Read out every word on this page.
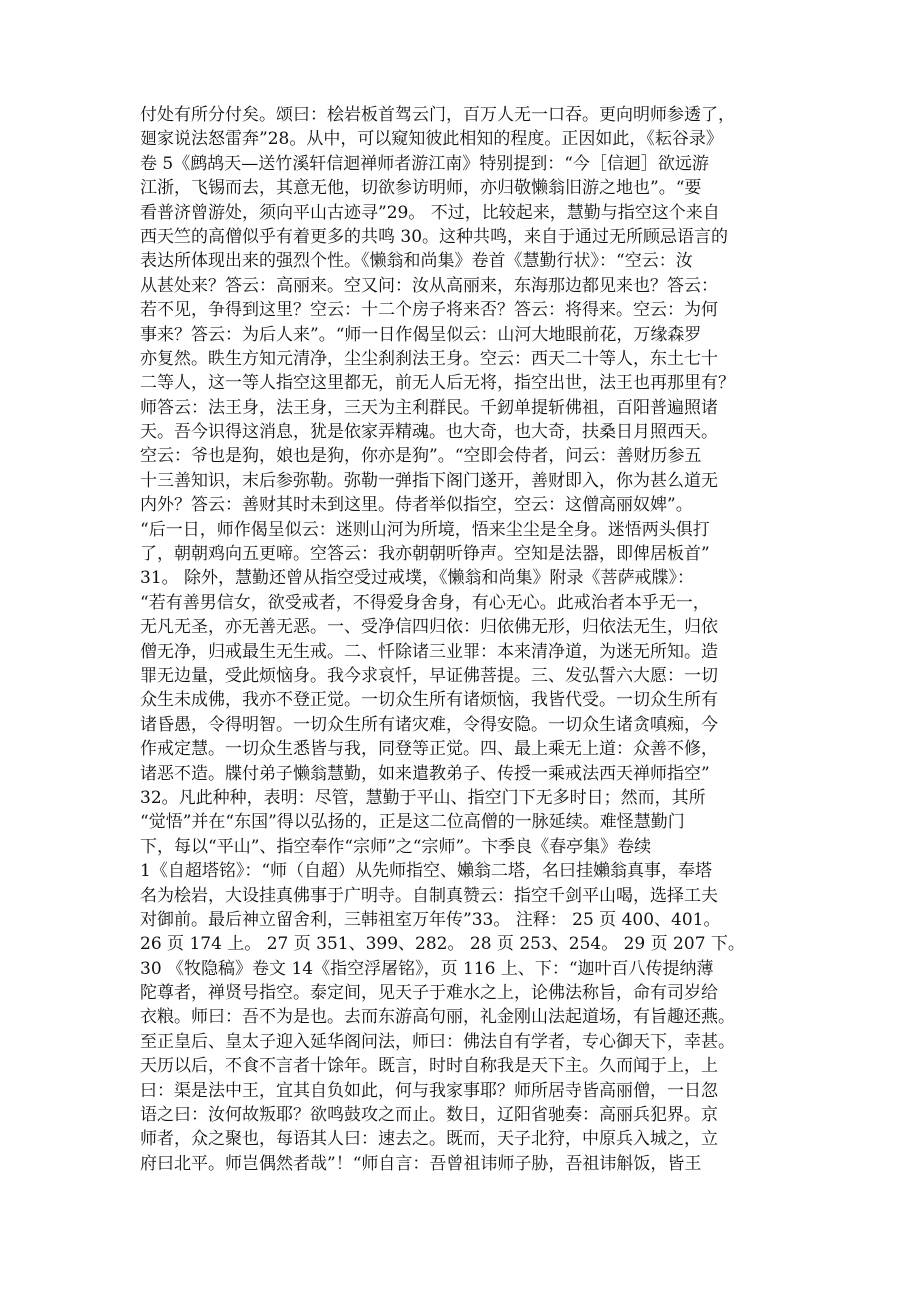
付处有所分付矣。颂曰：桧岩板首驾云门，百万人无一口吞。更向明师参透了，
廻家说法怒雷奔”28。从中，可以窥知彼此相知的程度。正因如此，《耘谷录》
卷 5《鹧鸪天—送竹溪轩信迴禅师者游江南》特别提到：“今［信迴］欲远游
江浙，飞锡而去，其意无他，切欲参访明师，亦归敬懒翁旧游之地也”。“要
看普济曾游处，须向平山古迹寻”29。 不过，比较起来，慧勤与指空这个来自
西天竺的高僧似乎有着更多的共鸣 30。这种共鸣，来自于通过无所顾忌语言的
表达所体现出来的强烈个性。《懒翁和尚集》卷首《慧勤行状》：“空云：汝
从甚处来？答云：高丽来。空又问：汝从高丽来，东海那边都见来也？答云：
若不见，争得到这里？空云：十二个房子将来否？答云：将得来。空云：为何
事来？答云：为后人来”。“师一日作偈呈似云：山河大地眼前花，万缘森罗
亦复然。眣生方知元清净，尘尘刹刹法王身。空云：西天二十等人，东土七十
二等人，这一等人指空这里都无，前无人后无将，指空出世，法王也再那里有？
师答云：法王身，法王身，三天为主利群民。千釰单提斩佛祖，百阳普遍照诸
天。吾今识得这消息，犹是依家弄精魂。也大奇，也大奇，扶桑日月照西天。
空云：爷也是狗，娘也是狗，你亦是狗”。“空即会侍者，问云：善财历参五
十三善知识，末后参弥勒。弥勒一弹指下阁门遂开，善财即入，你为甚么道无
内外？答云：善财其时未到这里。侍者举似指空，空云：这僧高丽奴婢”。
“后一日，师作偈呈似云：迷则山河为所境，悟来尘尘是全身。迷悟两头俱打
了，朝朝鸡向五更啼。空答云：我亦朝朝听铮声。空知是法器，即俾居板首”
31。 除外，慧勤还曾从指空受过戒墣，《懒翁和尚集》附录《菩萨戒牒》：
“若有善男信女，欲受戒者，不得爱身舍身，有心无心。此戒治者本乎无一，
无凡无圣，亦无善无恶。一、受净信四归依：归依佛无形，归依法无生，归依
僧无净，归戒最生无生戒。二、忏除诸三业罪：本来清净道，为迷无所知。造
罪无边量，受此烦恼身。我今求哀忏，早证佛菩提。三、发弘誓六大愿：一切
众生未成佛，我亦不登正觉。一切众生所有诸烦恼，我皆代受。一切众生所有
诸昏愚，令得明智。一切众生所有诸灾难，令得安隐。一切众生诸贪嗔痴，今
作戒定慧。一切众生悉皆与我，同登等正觉。四、最上乘无上道：众善不修，
诸恶不造。牒付弟子懒翁慧勤，如来遣教弟子、传授一乘戒法西天禅师指空”
32。凡此种种，表明：尽管，慧勤于平山、指空门下无多时日；然而，其所
“觉悟”并在“东国”得以弘扬的，正是这二位高僧的一脉延续。难怪慧勤门
下，每以“平山”、指空奉作“宗师”之“宗师”。卞季良《春亭集》卷续
1《自超塔铭》：“师（自超）从先师指空、嬾翁二塔，名曰挂嬾翁真事，奉塔
名为桧岩，大设挂真佛事于广明寺。自制真赞云：指空千剑平山喝，选择工夫
对御前。最后神立留舍利，三韩祖室万年传”33。 注释： 25 页 400、401。
26 页 174 上。 27 页 351、399、282。 28 页 253、254。 29 页 207 下。
30 《牧隐稿》卷文 14《指空浮屠铭》，页 116 上、下：“迦叶百八传提纳薄
陀尊者，禅贤号指空。泰定间，见天子于难水之上，论佛法称旨，命有司岁给
衣粮。师曰：吾不为是也。去而东游高句丽，礼金刚山法起道场，有旨趣还燕。
至正皇后、皇太子迎入延华阁问法，师曰：佛法自有学者，专心御天下，幸甚。
天历以后，不食不言者十馀年。既言，时时自称我是天下主。久而闻于上，上
曰：渠是法中王，宜其自负如此，何与我家事耶？师所居寺皆高丽僧，一日忽
语之曰：汝何故叛耶？欲鸣鼓攻之而止。数日，辽阳省驰奏：高丽兵犯界。京
师者，众之聚也，每语其人曰：速去之。既而，天子北狩，中原兵入城之，立
府曰北平。师岂偶然者哉”！“师自言：吾曾祖讳师子胁，吾祖讳斛饭，皆王
